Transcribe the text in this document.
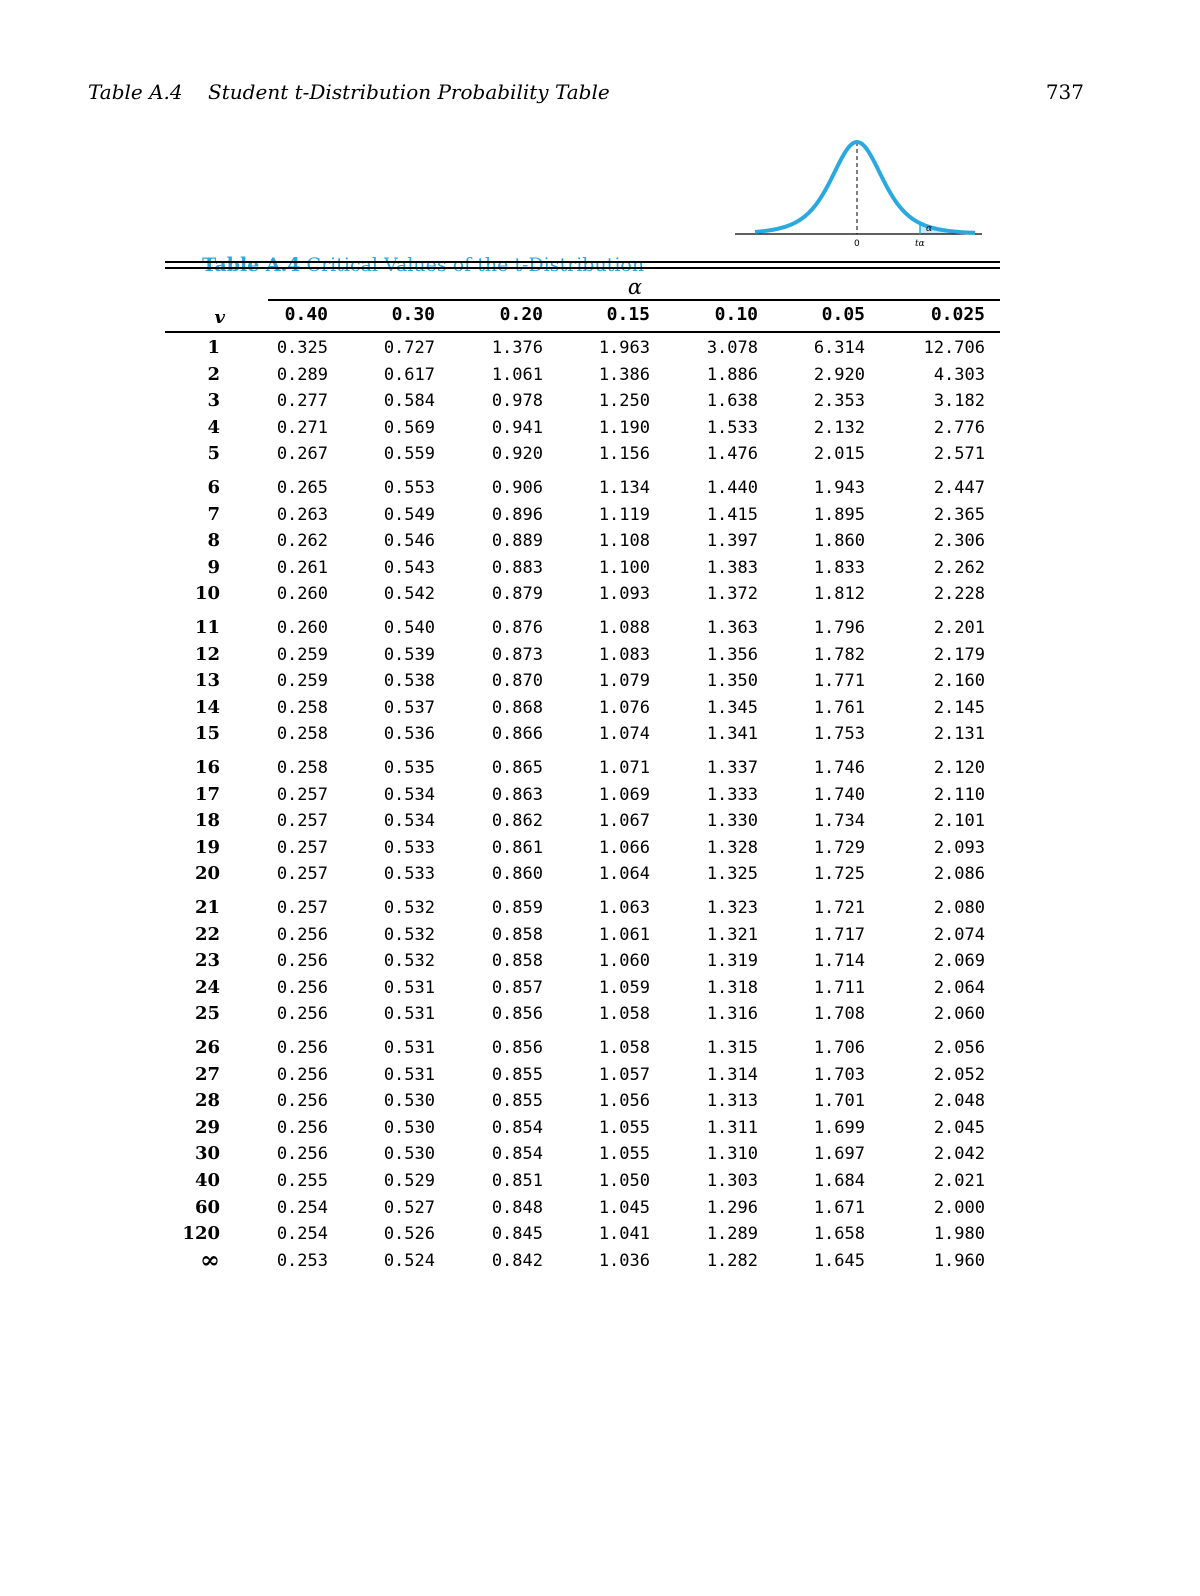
Table A.4    Student t-Distribution Probability Table	737
α
0	tα

Table A.4 Critical Values of the t-Distribution

α
v	0.40	0.30	0.20	0.15	0.10	0.05	0.025
1	0.325	0.727	1.376	1.963	3.078	6.314	12.706
2	0.289	0.617	1.061	1.386	1.886	2.920	4.303
3	0.277	0.584	0.978	1.250	1.638	2.353	3.182
4	0.271	0.569	0.941	1.190	1.533	2.132	2.776
5	0.267	0.559	0.920	1.156	1.476	2.015	2.571
6	0.265	0.553	0.906	1.134	1.440	1.943	2.447
7	0.263	0.549	0.896	1.119	1.415	1.895	2.365
8	0.262	0.546	0.889	1.108	1.397	1.860	2.306
9	0.261	0.543	0.883	1.100	1.383	1.833	2.262
10	0.260	0.542	0.879	1.093	1.372	1.812	2.228
11	0.260	0.540	0.876	1.088	1.363	1.796	2.201
12	0.259	0.539	0.873	1.083	1.356	1.782	2.179
13	0.259	0.538	0.870	1.079	1.350	1.771	2.160
14	0.258	0.537	0.868	1.076	1.345	1.761	2.145
15	0.258	0.536	0.866	1.074	1.341	1.753	2.131
16	0.258	0.535	0.865	1.071	1.337	1.746	2.120
17	0.257	0.534	0.863	1.069	1.333	1.740	2.110
18	0.257	0.534	0.862	1.067	1.330	1.734	2.101
19	0.257	0.533	0.861	1.066	1.328	1.729	2.093
20	0.257	0.533	0.860	1.064	1.325	1.725	2.086
21	0.257	0.532	0.859	1.063	1.323	1.721	2.080
22	0.256	0.532	0.858	1.061	1.321	1.717	2.074
23	0.256	0.532	0.858	1.060	1.319	1.714	2.069
24	0.256	0.531	0.857	1.059	1.318	1.711	2.064
25	0.256	0.531	0.856	1.058	1.316	1.708	2.060
26	0.256	0.531	0.856	1.058	1.315	1.706	2.056
27	0.256	0.531	0.855	1.057	1.314	1.703	2.052
28	0.256	0.530	0.855	1.056	1.313	1.701	2.048
29	0.256	0.530	0.854	1.055	1.311	1.699	2.045
30	0.256	0.530	0.854	1.055	1.310	1.697	2.042
40	0.255	0.529	0.851	1.050	1.303	1.684	2.021
60	0.254	0.527	0.848	1.045	1.296	1.671	2.000
120	0.254	0.526	0.845	1.041	1.289	1.658	1.980
∞	0.253	0.524	0.842	1.036	1.282	1.645	1.960
